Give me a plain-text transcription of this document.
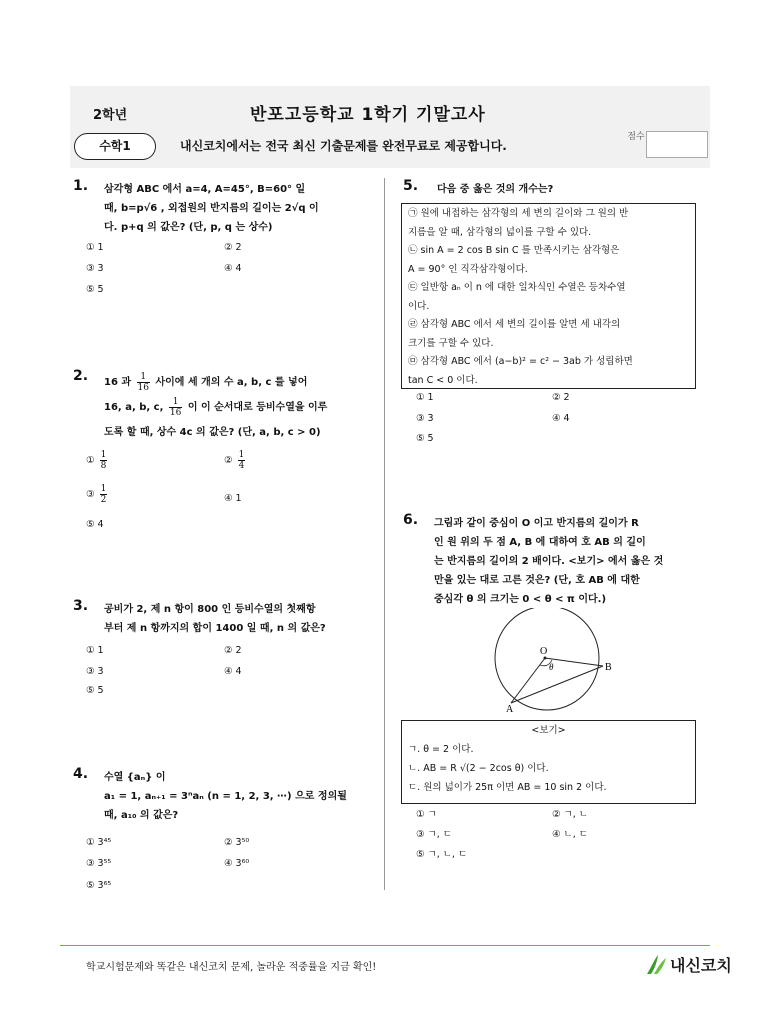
2학년	반포고등학교 1학기 기말고사
수학1	내신코치에서는 전국 최신 기출문제를 완전무료로 제공합니다.
점수
1. 삼각형 ABC 에서 a=4, A=45°, B=60° 일
때, b=p√6 , 외접원의 반지름의 길이는 2√q 이
다. p+q 의 값은? (단, p, q 는 상수)
① 1	② 2
③ 3	④ 4
⑤ 5
2. 16 과 $\frac{1}{16}$ 사이에 세 개의 수 a, b, c 를 넣어
16, a, b, c, $\frac{1}{16}$ 이 이 순서대로 등비수열을 이루
도록 할 때, 상수 4c 의 값은? (단, a, b, c > 0)
① $\frac{1}{8}$	② $\frac{1}{4}$
③ $\frac{1}{2}$	④ 1
⑤ 4
3. 공비가 2, 제 n 항이 800 인 등비수열의 첫째항
부터 제 n 항까지의 합이 1400 일 때, n 의 값은?
① 1	② 2
③ 3	④ 4
⑤ 5
4. 수열 {aₙ} 이
a₁ = 1, aₙ₊₁ = 3ⁿaₙ (n = 1, 2, 3, ⋯) 으로 정의될
때, a₁₀ 의 값은?
① 3⁴⁵	② 3⁵⁰
③ 3⁵⁵	④ 3⁶⁰
⑤ 3⁶⁵
5. 다음 중 옳은 것의 개수는?

㉠ 원에 내접하는 삼각형의 세 변의 길이와 그 원의 반

지름을 알 때, 삼각형의 넓이를 구할 수 있다.

㉡ sin A = 2 cos B sin C 를 만족시키는 삼각형은

A = 90° 인 직각삼각형이다.

㉢ 일반항 aₙ 이 n 에 대한 일차식인 수열은 등차수열

이다.

㉣ 삼각형 ABC 에서 세 변의 길이를 알면 세 내각의

크기를 구할 수 있다.

㉤ 삼각형 ABC 에서 (a−b)² = c² − 3ab 가 성립하면

tan C < 0 이다.

① 1	② 2
③ 3	④ 4
⑤ 5
6. 그림과 같이 중심이 O 이고 반지름의 길이가 R
인 원 위의 두 점 A, B 에 대하여 호 AB 의 길이
는 반지름의 길이의 2 배이다. <보기> 에서 옳은 것
만을 있는 대로 고른 것은? (단, 호 AB 에 대한
중심각 θ 의 크기는 0 < θ < π 이다.)
O
B
A
θ
<보기>
ㄱ. θ = 2 이다.
ㄴ. AB = R √(2 − 2cos θ) 이다.
ㄷ. 원의 넓이가 25π 이면 AB = 10 sin 2 이다.
① ㄱ	② ㄱ, ㄴ
③ ㄱ, ㄷ	④ ㄴ, ㄷ
⑤ ㄱ, ㄴ, ㄷ
학교시험문제와 똑같은 내신코치 문제, 놀라운 적중률을 지금 확인!	내신코치
